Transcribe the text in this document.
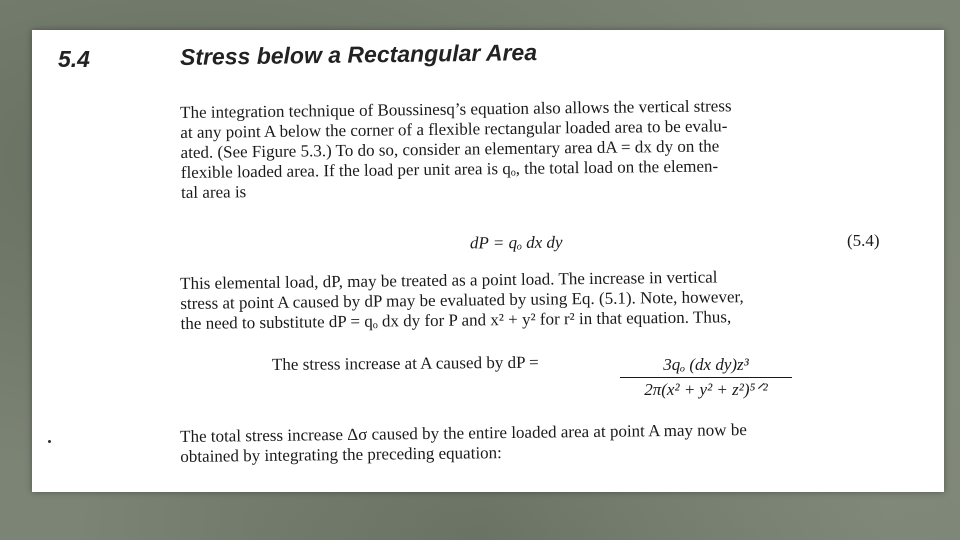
5.4	Stress below a Rectangular Area
The integration technique of Boussinesq’s equation also allows the vertical stress
at any point A below the corner of a flexible rectangular loaded area to be evalu-
ated. (See Figure 5.3.) To do so, consider an elementary area dA = dx dy on the
flexible loaded area. If the load per unit area is qₒ, the total load on the elemen-
tal area is
dP = qₒ dx dy	(5.4)
This elemental load, dP, may be treated as a point load. The increase in vertical
stress at point A caused by dP may be evaluated by using Eq. (5.1). Note, however,
the need to substitute dP = qₒ dx dy for P and x² + y² for r² in that equation. Thus,
The stress increase at A caused by dP =	3qₒ (dx dy)z³
2π(x² + y² + z²)⁵ᐟ²
The total stress increase Δσ caused by the entire loaded area at point A may now be
obtained by integrating the preceding equation:
